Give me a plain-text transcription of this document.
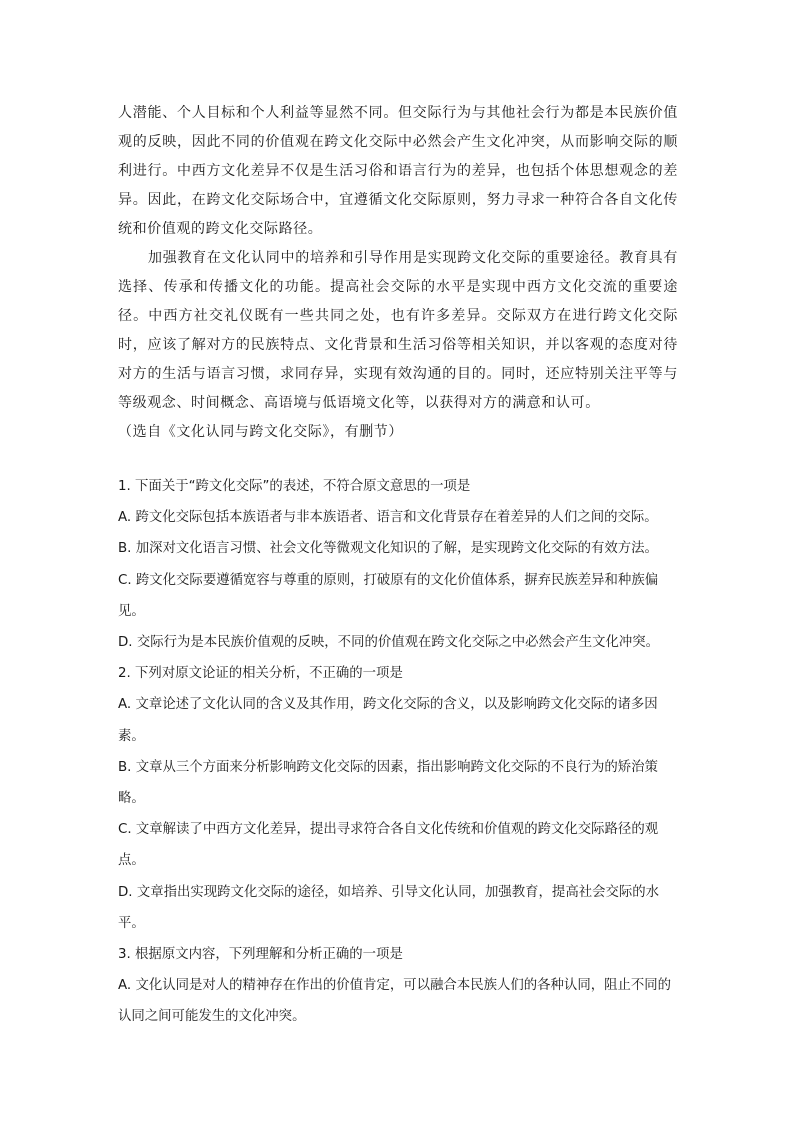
人潜能、个人目标和个人利益等显然不同。但交际行为与其他社会行为都是本民族价值观的反映，因此不同的价值观在跨文化交际中必然会产生文化冲突，从而影响交际的顺利进行。中西方文化差异不仅是生活习俗和语言行为的差异，也包括个体思想观念的差异。因此，在跨文化交际场合中，宜遵循文化交际原则，努力寻求一种符合各自文化传统和价值观的跨文化交际路径。

加强教育在文化认同中的培养和引导作用是实现跨文化交际的重要途径。教育具有选择、传承和传播文化的功能。提高社会交际的水平是实现中西方文化交流的重要途径。中西方社交礼仪既有一些共同之处，也有许多差异。交际双方在进行跨文化交际时，应该了解对方的民族特点、文化背景和生活习俗等相关知识，并以客观的态度对待对方的生活与语言习惯，求同存异，实现有效沟通的目的。同时，还应特别关注平等与等级观念、时间概念、高语境与低语境文化等，以获得对方的满意和认可。

（选自《文化认同与跨文化交际》，有删节）

1. 下面关于“跨文化交际”的表述，不符合原文意思的一项是

A. 跨文化交际包括本族语者与非本族语者、语言和文化背景存在着差异的人们之间的交际。

B. 加深对文化语言习惯、社会文化等微观文化知识的了解，是实现跨文化交际的有效方法。

C. 跨文化交际要遵循宽容与尊重的原则，打破原有的文化价值体系，摒弃民族差异和种族偏见。

D. 交际行为是本民族价值观的反映，不同的价值观在跨文化交际之中必然会产生文化冲突。

2. 下列对原文论证的相关分析，不正确的一项是

A. 文章论述了文化认同的含义及其作用，跨文化交际的含义，以及影响跨文化交际的诸多因素。

B. 文章从三个方面来分析影响跨文化交际的因素，指出影响跨文化交际的不良行为的矫治策略。

C. 文章解读了中西方文化差异，提出寻求符合各自文化传统和价值观的跨文化交际路径的观点。

D. 文章指出实现跨文化交际的途径，如培养、引导文化认同，加强教育，提高社会交际的水平。

3. 根据原文内容，下列理解和分析正确的一项是

A. 文化认同是对人的精神存在作出的价值肯定，可以融合本民族人们的各种认同，阻止不同的认同之间可能发生的文化冲突。
